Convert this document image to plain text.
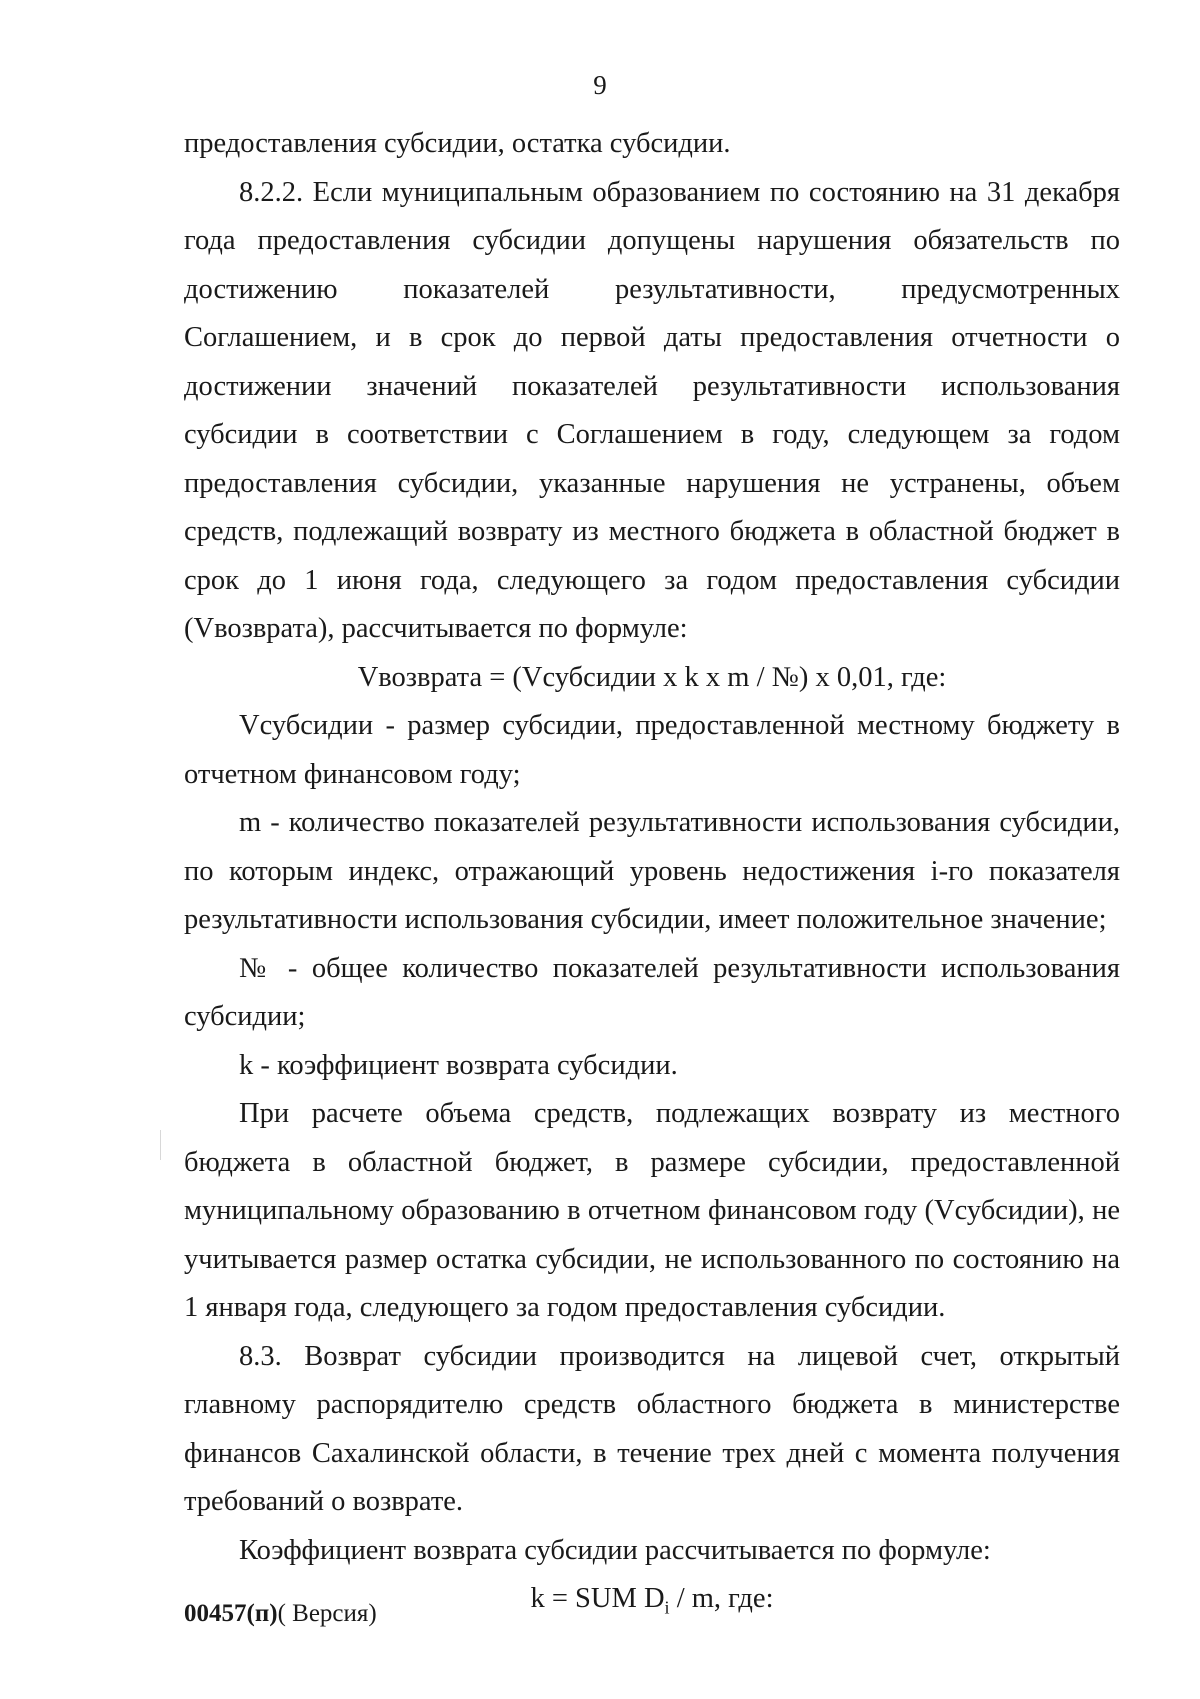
9

предоставления субсидии, остатка субсидии.

8.2.2. Если муниципальным образованием по состоянию на 31 декабря года предоставления субсидии допущены нарушения обязательств по достижению показателей результативности, предусмотренных Соглашением, и в срок до первой даты предоставления отчетности о достижении значений показателей результативности использования субсидии в соответствии с Соглашением в году, следующем за годом предоставления субсидии, указанные нарушения не устранены, объем средств, подлежащий возврату из местного бюджета в областной бюджет в срок до 1 июня года, следующего за годом предоставления субсидии (Vвозврата), рассчитывается по формуле:

Vвозврата = (Vсубсидии x k x m / №) x 0,01, где:

Vсубсидии - размер субсидии, предоставленной местному бюджету в отчетном финансовом году;

m - количество показателей результативности использования субсидии, по которым индекс, отражающий уровень недостижения i-го показателя результативности использования субсидии, имеет положительное значение;

№ - общее количество показателей результативности использования субсидии;

k - коэффициент возврата субсидии.

При расчете объема средств, подлежащих возврату из местного бюджета в областной бюджет, в размере субсидии, предоставленной муниципальному образованию в отчетном финансовом году (Vсубсидии), не учитывается размер остатка субсидии, не использованного по состоянию на 1 января года, следующего за годом предоставления субсидии.

8.3. Возврат субсидии производится на лицевой счет, открытый главному распорядителю средств областного бюджета в министерстве финансов Сахалинской области, в течение трех дней с момента получения требований о возврате.

Коэффициент возврата субсидии рассчитывается по формуле:

k = SUM $D_i$ / m, где:

00457(п)( Версия)
